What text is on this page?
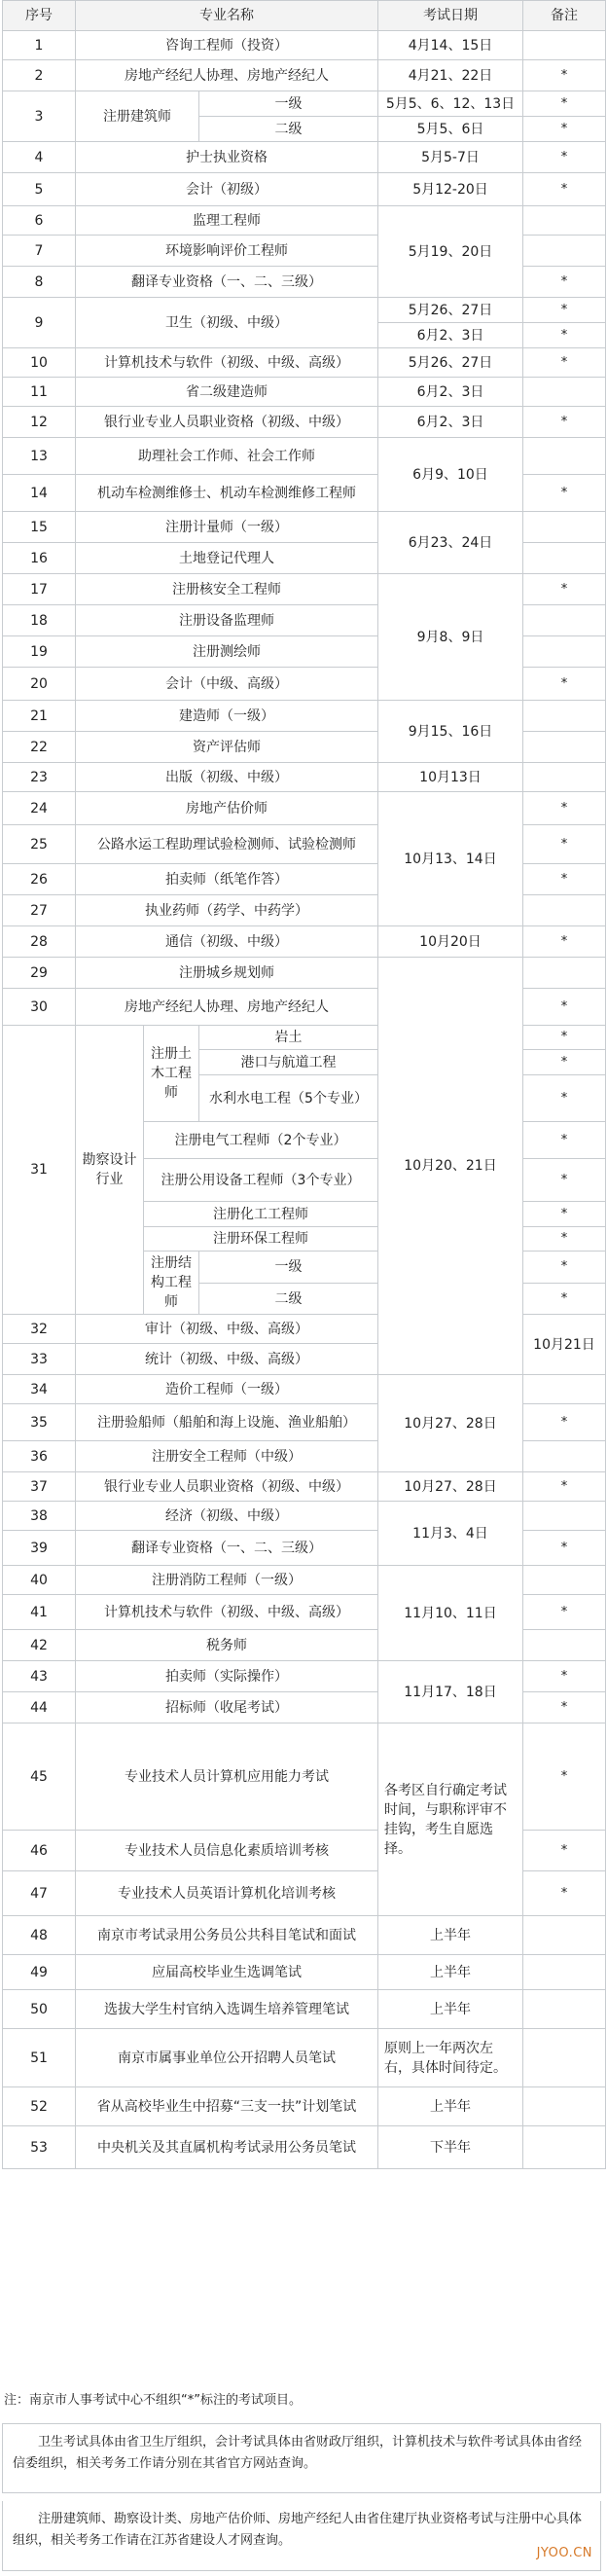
序号	专业名称			考试日期	备注	
1	咨询工程师（投资）			4月14、15日		
2	房地产经纪人协理、房地产经纪人			4月21、22日	*	
3	注册建筑师		一级	5月5、6、12、13日	*	
			二级	5月5、6日	*	
4	护士执业资格			5月5-7日	*	
5	会计（初级）			5月12-20日	*	
6	监理工程师			5月19、20日		
7	环境影响评价工程师					
8	翻译专业资格（一、二、三级）				*	
9	卫生（初级、中级）			5月26、27日	*	
				6月2、3日	*	
10	计算机技术与软件（初级、中级、高级）			5月26、27日	*	
11	省二级建造师			6月2、3日		
12	银行业专业人员职业资格（初级、中级）			6月2、3日	*	
13	助理社会工作师、社会工作师			6月9、10日		
14	机动车检测维修士、机动车检测维修工程师				*	
15	注册计量师（一级）			6月23、24日		
16	土地登记代理人					
17	注册核安全工程师			9月8、9日	*	
18	注册设备监理师					
19	注册测绘师					
20	会计（中级、高级）				*	
21	建造师（一级）			9月15、16日		
22	资产评估师					
23	出版（初级、中级）			10月13日		
24	房地产估价师			10月13、14日	*	
25	公路水运工程助理试验检测师、试验检测师				*	
26	拍卖师（纸笔作答）				*	
27	执业药师（药学、中药学）					
28	通信（初级、中级）			10月20日	*	
29	注册城乡规划师			10月20、21日		
30	房地产经纪人协理、房地产经纪人				*	
31	勘察设计行业	注册土木工程师	岩土		*	
			港口与航道工程		*	
			水利水电工程（5个专业）		*	
		注册电气工程师（2个专业）			*	
		注册公用设备工程师（3个专业）			*	
		注册化工工程师			*	
		注册环保工程师			*	
		注册结构工程师	一级		*	

			二级		*	
32	审计（初级、中级、高级）				10月21日	
33	统计（初级、中级、高级）					
34	造价工程师（一级）			10月27、28日		
35	注册验船师（船舶和海上设施、渔业船舶）				*	
36	注册安全工程师（中级）					
37	银行业专业人员职业资格（初级、中级）			10月27、28日	*	
38	经济（初级、中级）			11月3、4日		
39	翻译专业资格（一、二、三级）				*	
40	注册消防工程师（一级）			11月10、11日		
41	计算机技术与软件（初级、中级、高级）				*	
42	税务师					
43	拍卖师（实际操作）			11月17、18日	*	
44	招标师（收尾考试）				*	
45	专业技术人员计算机应用能力考试			各考区自行确定考试时间，与职称评审不挂钩，考生自愿选择。	*	
46	专业技术人员信息化素质培训考核				*	
47	专业技术人员英语计算机化培训考核				*	
48	南京市考试录用公务员公共科目笔试和面试			上半年		
49	应届高校毕业生选调笔试			上半年		
50	选拔大学生村官纳入选调生培养管理笔试			上半年		
51	南京市属事业单位公开招聘人员笔试			原则上一年两次左右，具体时间待定。		
52	省从高校毕业生中招募“三支一扶”计划笔试			上半年		
53	中央机关及其直属机构考试录用公务员笔试			下半年		
注：南京市人事考试中心不组织“*”标注的考试项目。

卫生考试具体由省卫生厅组织，会计考试具体由省财政厅组织，计算机技术与软件考试具体由省经信委组织，相关考务工作请分别在其省官方网站查询。

注册建筑师、勘察设计类、房地产估价师、房地产经纪人由省住建厅执业资格考试与注册中心具体组织，相关考务工作请在江苏省建设人才网查询。

JYOO.CN
